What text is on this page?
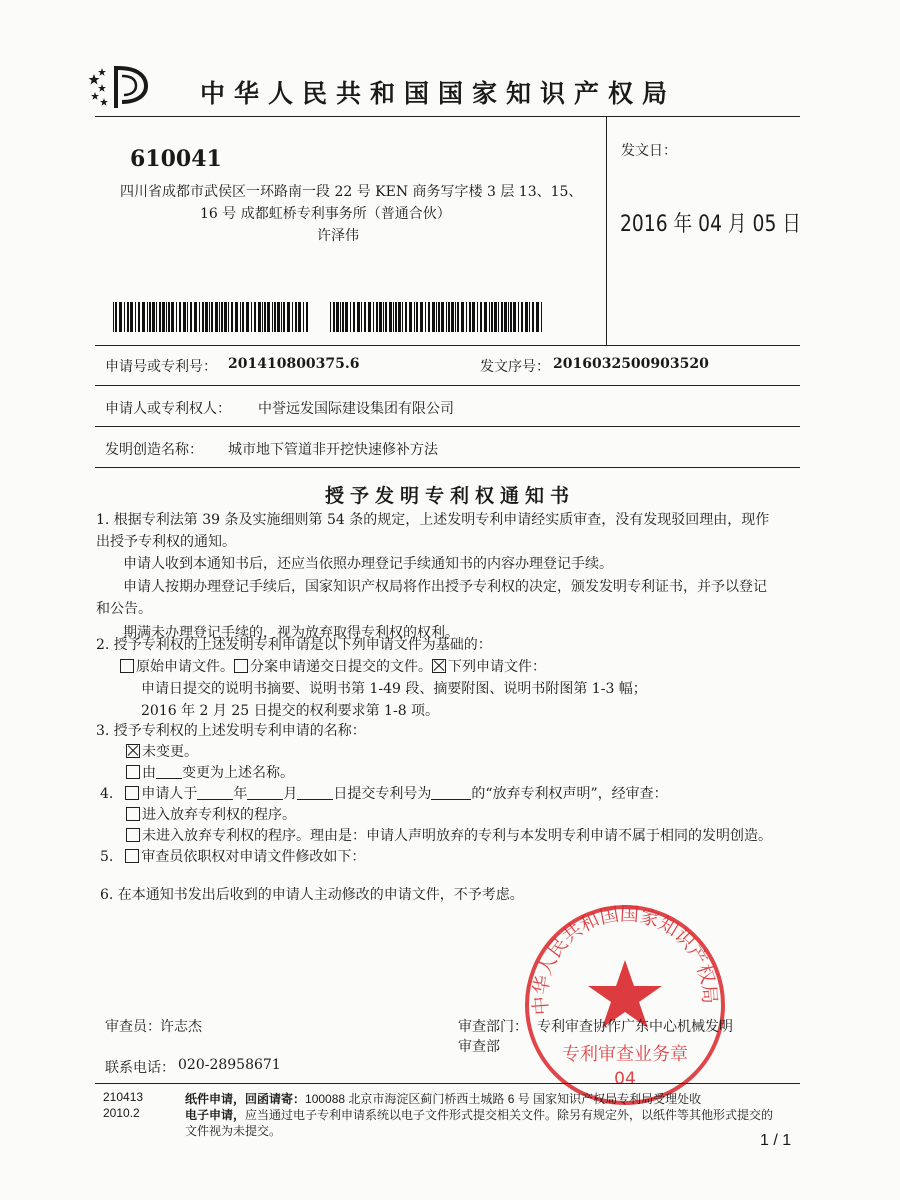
中华人民共和国国家知识产权局
610041
四川省成都市武侯区一环路南一段 22 号 KEN 商务写字楼 3 层 13、15、
16 号 成都虹桥专利事务所（普通合伙）
许泽伟
发文日：
2016 年 04 月 05 日
申请号或专利号： 201410800375.6	发文序号： 2016032500903520
申请人或专利权人： 中誉远发国际建设集团有限公司
发明创造名称： 城市地下管道非开挖快速修补方法
授予发明专利权通知书
1. 根据专利法第 39 条及实施细则第 54 条的规定，上述发明专利申请经实质审查，没有发现驳回理由，现作
出授予专利权的通知。
申请人收到本通知书后，还应当依照办理登记手续通知书的内容办理登记手续。
申请人按期办理登记手续后，国家知识产权局将作出授予专利权的决定，颁发发明专利证书，并予以登记
和公告。
期满未办理登记手续的，视为放弃取得专利权的权利。
2. 授予专利权的上述发明专利申请是以下列申请文件为基础的：
原始申请文件。 分案申请递交日提交的文件。 下列申请文件：
申请日提交的说明书摘要、说明书第 1-49 段、摘要附图、说明书附图第 1-3 幅；
2016 年 2 月 25 日提交的权利要求第 1-8 项。
3. 授予专利权的上述发明专利申请的名称：
未变更。
由 变更为上述名称。
4. 申请人于	年	月	日提交专利号为	的“放弃专利权声明”，经审查：
进入放弃专利权的程序。
未进入放弃专利权的程序。理由是：申请人声明放弃的专利与本发明专利申请不属于相同的发明创造。
5. 审查员依职权对申请文件修改如下：
6. 在本通知书发出后收到的申请人主动修改的申请文件，不予考虑。
中华人民共和国国家知识产权局
专利审查业务章
04
审查员： 许志杰	审查部门： 专利审查协作广东中心机械发明
审查部
联系电话： 020-28958671
210413
2010.2
纸件申请，回函请寄：100088 北京市海淀区蓟门桥西土城路 6 号 国家知识产权局专利局受理处收
电子申请，应当通过电子专利申请系统以电子文件形式提交相关文件。除另有规定外，以纸件等其他形式提交的
文件视为未提交。
1 / 1
